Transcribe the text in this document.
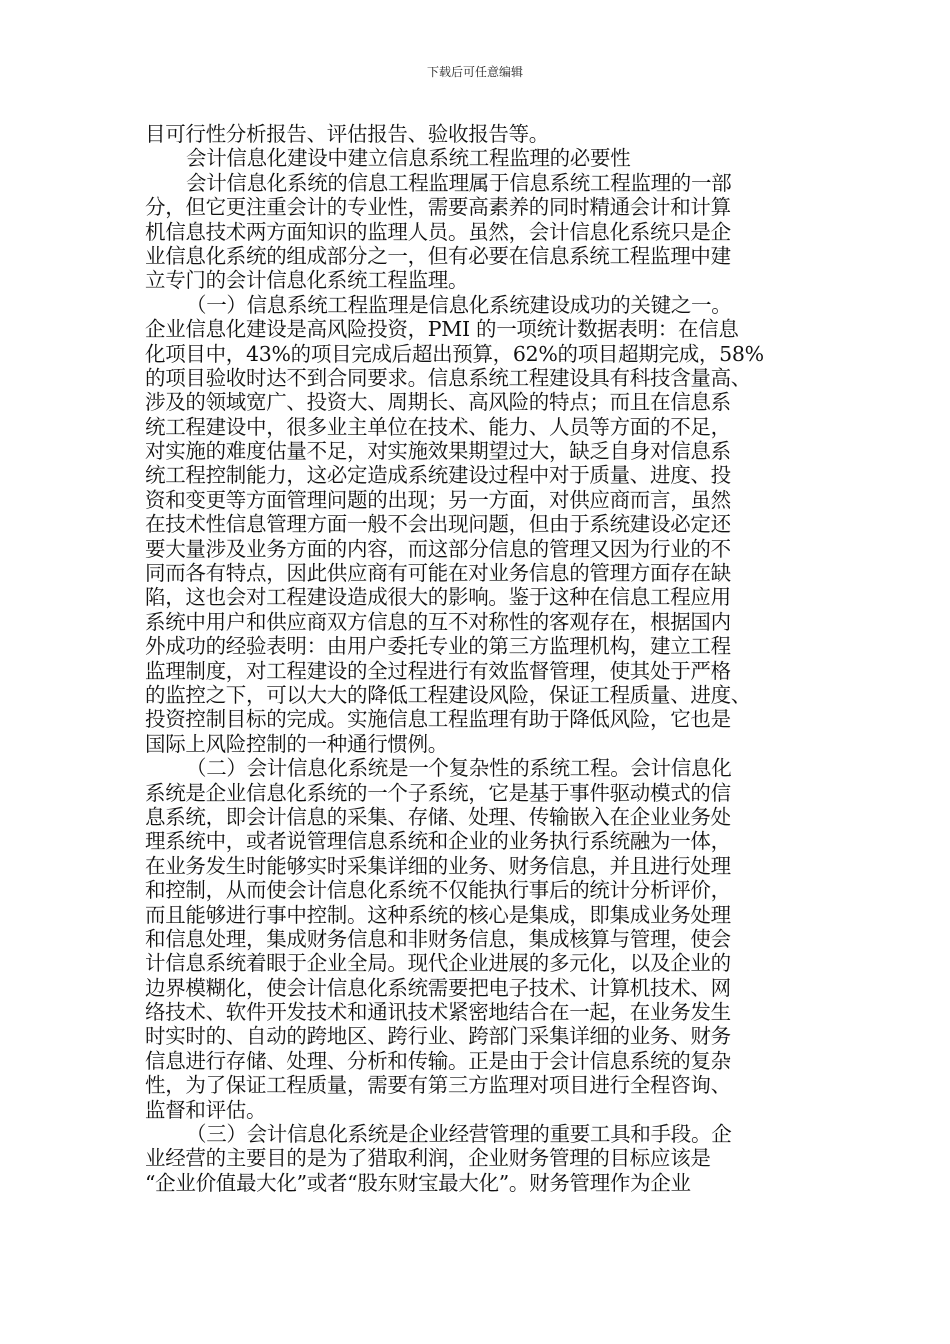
下载后可任意编辑
目可行性分析报告、评估报告、验收报告等。
会计信息化建设中建立信息系统工程监理的必要性
会计信息化系统的信息工程监理属于信息系统工程监理的一部
分，但它更注重会计的专业性，需要高素养的同时精通会计和计算
机信息技术两方面知识的监理人员。虽然，会计信息化系统只是企
业信息化系统的组成部分之一，但有必要在信息系统工程监理中建
立专门的会计信息化系统工程监理。
（一）信息系统工程监理是信息化系统建设成功的关键之一。
企业信息化建设是高风险投资，PMI 的一项统计数据表明：在信息
化项目中，43%的项目完成后超出预算，62%的项目超期完成，58%
的项目验收时达不到合同要求。信息系统工程建设具有科技含量高、
涉及的领域宽广、投资大、周期长、高风险的特点；而且在信息系
统工程建设中，很多业主单位在技术、能力、人员等方面的不足，
对实施的难度估量不足，对实施效果期望过大，缺乏自身对信息系
统工程控制能力，这必定造成系统建设过程中对于质量、进度、投
资和变更等方面管理问题的出现；另一方面，对供应商而言，虽然
在技术性信息管理方面一般不会出现问题，但由于系统建设必定还
要大量涉及业务方面的内容，而这部分信息的管理又因为行业的不
同而各有特点，因此供应商有可能在对业务信息的管理方面存在缺
陷，这也会对工程建设造成很大的影响。鉴于这种在信息工程应用
系统中用户和供应商双方信息的互不对称性的客观存在，根据国内
外成功的经验表明：由用户委托专业的第三方监理机构，建立工程
监理制度，对工程建设的全过程进行有效监督管理，使其处于严格
的监控之下，可以大大的降低工程建设风险，保证工程质量、进度、
投资控制目标的完成。实施信息工程监理有助于降低风险，它也是
国际上风险控制的一种通行惯例。
（二）会计信息化系统是一个复杂性的系统工程。会计信息化
系统是企业信息化系统的一个子系统，它是基于事件驱动模式的信
息系统，即会计信息的采集、存储、处理、传输嵌入在企业业务处
理系统中，或者说管理信息系统和企业的业务执行系统融为一体，
在业务发生时能够实时采集详细的业务、财务信息，并且进行处理
和控制，从而使会计信息化系统不仅能执行事后的统计分析评价，
而且能够进行事中控制。这种系统的核心是集成，即集成业务处理
和信息处理，集成财务信息和非财务信息，集成核算与管理，使会
计信息系统着眼于企业全局。现代企业进展的多元化，以及企业的
边界模糊化，使会计信息化系统需要把电子技术、计算机技术、网
络技术、软件开发技术和通讯技术紧密地结合在一起，在业务发生
时实时的、自动的跨地区、跨行业、跨部门采集详细的业务、财务
信息进行存储、处理、分析和传输。正是由于会计信息系统的复杂
性，为了保证工程质量，需要有第三方监理对项目进行全程咨询、
监督和评估。
（三）会计信息化系统是企业经营管理的重要工具和手段。企
业经营的主要目的是为了猎取利润，企业财务管理的目标应该是
“企业价值最大化”或者“股东财宝最大化”。财务管理作为企业
